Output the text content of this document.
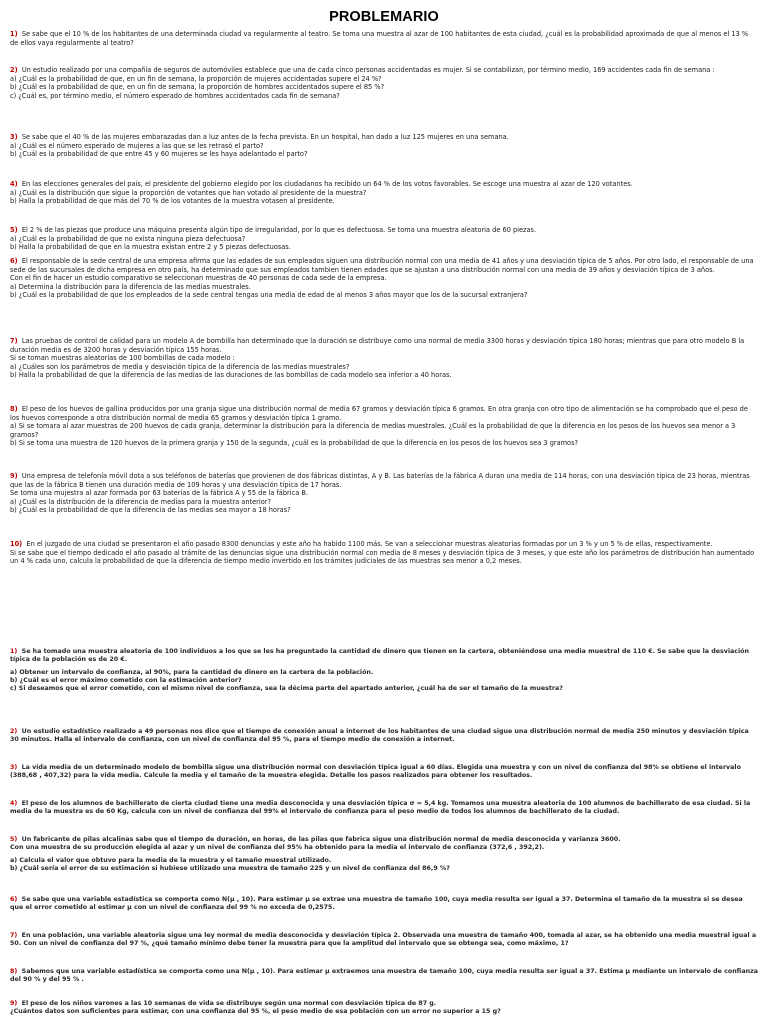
PROBLEMARIO

1) Se sabe que el 10 % de los habitantes de una determinada ciudad va regularmente al teatro. Se toma una muestra al azar de 100 habitantes de esta ciudad, ¿cuál es la probabilidad aproximada de que al menos el 13 % de ellos vaya regularmente al teatro?

2) Un estudio realizado por una compañía de seguros de automóviles establece que una de cada cinco personas accidentadas es mujer. Si se contabilizan, por término medio, 169 accidentes cada fin de semana :

a) ¿Cuál es la probabilidad de que, en un fin de semana, la proporción de mujeres accidentadas supere el 24 %?

b) ¿Cuál es la probabilidad de que, en un fin de semana, la proporción de hombres accidentados supere el 85 %?

c) ¿Cuál es, por término medio, el número esperado de hombres accidentados cada fin de semana?

3) Se sabe que el 40 % de las mujeres embarazadas dan a luz antes de la fecha prevista. En un hospital, han dado a luz 125 mujeres en una semana.

a) ¿Cuál es el número esperado de mujeres a las que se les retrasó el parto?

b) ¿Cuál es la probabilidad de que entre 45 y 60 mujeres se les haya adelantado el parto?

4) En las elecciones generales del país, el presidente del gobierno elegido por los ciudadanos ha recibido un 64 % de los votos favorables. Se escoge una muestra al azar de 120 votantes.

a) ¿Cuál es la distribución que sigue la proporción de votantes que han votado al presidente de la muestra?

b) Halla la probabilidad de que más del 70 % de los votantes de la muestra votasen al presidente.

5) El 2 % de las piezas que produce una máquina presenta algún tipo de irregularidad, por lo que es defectuosa. Se toma una muestra aleatoria de 60 piezas.

a) ¿Cuál es la probabilidad de que no exista ninguna pieza defectuosa?

b) Halla la probabilidad de que en la muestra existan entre 2 y 5 piezas defectuosas.

6) El responsable de la sede central de una empresa afirma que las edades de sus empleados siguen una distribución normal con una media de 41 años y una desviación típica de 5 años. Por otro lado, el responsable de una sede de las sucursales de dicha empresa en otro país, ha determinado que sus empleados tambien tienen edades que se ajustan a una distribución normal con una media de 39 años y desviación típica de 3 años.

Con el fin de hacer un estudio comparativo se seleccionan muestras de 40 personas de cada sede de la empresa.

a) Determina la distribución para la diferencia de las medias muestrales.

b) ¿Cuál es la probabilidad de que los empleados de la sede central tengas una media de edad de al menos 3 años mayor que los de la sucursal extranjera?

7) Las pruebas de control de calidad para un modelo A de bombilla han determinado que la duración se distribuye como una normal de media 3300 horas y desviación típica 180 horas; mientras que para otro modelo B la duración media es de 3200 horas y desviación típica 155 horas.

Si se toman muestras aleatorias de 100 bombillas de cada modelo :

a) ¿Cuáles son los parámetros de media y desviación típica de la diferencia de las medias muestrales?

b) Halla la probabilidad de que la diferencia de las medias de las duraciones de las bombillas de cada modelo sea inferior a 40 horas.

8) El peso de los huevos de gallina producidos por una granja sigue una distribución normal de media 67 gramos y desviación típica 6 gramos. En otra granja con otro tipo de alimentación se ha comprobado que el peso de los huevos corresponde a otra distribución normal de media 65 gramos y desviación típica 1 gramo.

a) Si se tomara al azar muestras de 200 huevos de cada granja, determinar la distribución para la diferencia de medias muestrales. ¿Cuál es la probabilidad de que la diferencia en los pesos de los huevos sea menor a 3 gramos?

b) Si se toma una muestra de 120 huevos de la primera granja y 150 de la segunda, ¿cuál es la probabilidad de que la diferencia en los pesos de los huevos sea 3 gramos?

9) Una empresa de telefonía móvil dota a sus teléfonos de baterías que provienen de dos fábricas distintas, A y B. Las baterías de la fábrica A duran una media de 114 horas, con una desviación típica de 23 horas, mientras que las de la fábrica B tienen una duración media de 109 horas y una desviación típica de 17 horas.

Se toma una mujestra al azar formada por 63 baterías de la fábrica A y 55 de la fábrica B.

a) ¿Cuál es la distribución de la diferencia de medias para la muestra anterior?

b) ¿Cuál es la probabilidad de que la diferencia de las medias sea mayor a 18 horas?

10) En el juzgado de una ciudad se presentaron el año pasado 8300 denuncias y este año ha habido 1100 más. Se van a seleccionar muestras aleatorias formadas por un 3 % y un 5 % de ellas, respectivamente.

Si se sabe que el tiempo dedicado el año pasado al trámite de las denuncias sigue una distribución normal con media de 8 meses y desviación típica de 3 meses, y que este año los parámetros de distribución han aumentado un 4 % cada uno, calcula la probabilidad de que la diferencia de tiempo medio invertido en los trámites judiciales de las muestras sea menor a 0,2 meses.

1) Se ha tomado una muestra aleatoria de 100 individuos a los que se les ha preguntado la cantidad de dinero que tienen en la cartera, obteniéndose una media muestral de 110 €. Se sabe que la desviación típica de la población es de 20 €.

a) Obtener un intervalo de confianza, al 90%, para la cantidad de dinero en la cartera de la población.

b) ¿Cuál es el error máximo cometido con la estimación anterior?

c) Si deseamos que el error cometido, con el mismo nivel de confianza, sea la décima parte del apartado anterior, ¿cuál ha de ser el tamaño de la muestra?

2) Un estudio estadístico realizado a 49 personas nos dice que el tiempo de conexión anual a internet de los habitantes de una ciudad sigue una distribución normal de media 250 minutos y desviación típica 30 minutos. Halla el intervalo de confianza, con un nivel de confianza del 95 %, para el tiempo medio de conexión a internet.

3) La vida media de un determinado modelo de bombilla sigue una distribución normal con desviación típica igual a 60 días. Elegida una muestra y con un nivel de confianza del 98% se obtiene el intervalo (388,68 , 407,32) para la vida media. Calcule la media y el tamaño de la muestra elegida. Detalle los pasos realizados para obtener los resultados.

4) El peso de los alumnos de bachillerato de cierta ciudad tiene una media desconocida y una desviación típica σ = 5,4 kg. Tomamos una muestra aleatoria de 100 alumnos de bachillerato de esa ciudad. Si la media de la muestra es de 60 Kg, calcula con un nivel de confianza del 99% el intervalo de confianza para el peso medio de todos los alumnos de bachillerato de la ciudad.

5) Un fabricante de pilas alcalinas sabe que el tiempo de duración, en horas, de las pilas que fabrica sigue una distribución normal de media desconocida y varianza 3600.

Con una muestra de su producción elegida al azar y un nivel de confianza del 95% ha obtenido para la media el intervalo de confianza (372,6 , 392,2).

a) Calcula el valor que obtuvo para la media de la muestra y el tamaño muestral utilizado.

b) ¿Cuál sería el error de su estimación si hubiese utilizado una muestra de tamaño 225 y un nivel de confianza del 86,9 %?

6) Se sabe que una variable estadística se comporta como N(μ , 10). Para estimar μ se extrae una muestra de tamaño 100, cuya media resulta ser igual a 37. Determina el tamaño de la muestra si se desea que el error cometido al estimar μ con un nivel de confianza del 99 % no exceda de 0,2575.

7) En una población, una variable aleatoria sigue una ley normal de media desconocida y desviación típica 2. Observada una muestra de tamaño 400, tomada al azar, se ha obtenido una media muestral igual a 50. Con un nivel de confianza del 97 %, ¿qué tamaño mínimo debe tener la muestra para que la amplitud del intervalo que se obtenga sea, como máximo, 1?

8) Sabemos que una variable estadística se comporta como una N(μ , 10). Para estimar μ extraemos una muestra de tamaño 100, cuya media resulta ser igual a 37. Estima μ mediante un intervalo de confianza del 90 % y del 95 % .

9) El peso de los niños varones a las 10 semanas de vida se distribuye según una normal con desviación típica de 87 g.

¿Cuántos datos son suficientes para estimar, con una confianza del 95 %, el peso medio de esa población con un error no superior a 15 g?
